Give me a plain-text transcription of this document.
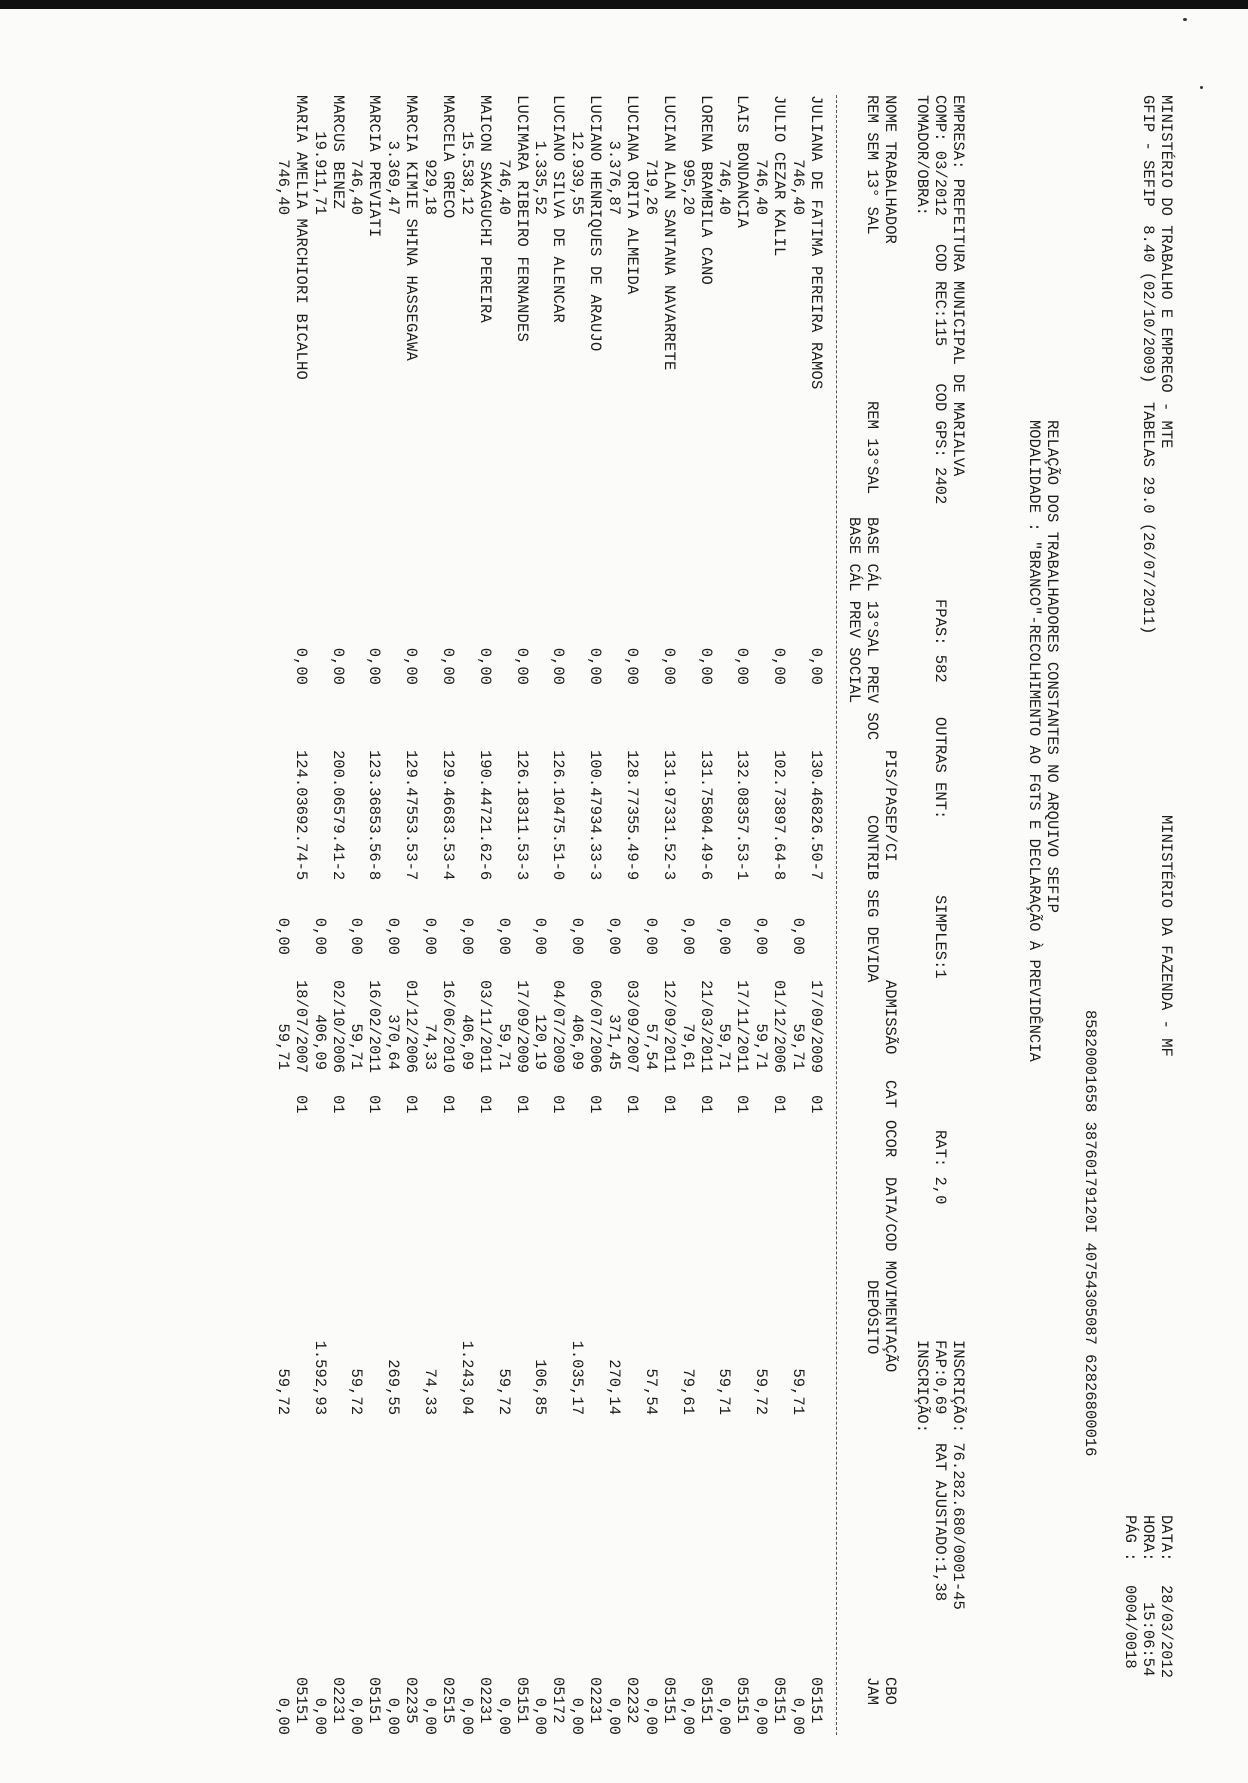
MINISTÉRIO DO TRABALHO E EMPREGO - MTE
MINISTÉRIO DA FAZENDA - MF
DATA:
28/03/2012
GFIP - SEFIP  8.40 (02/10/2009)  TABELAS 29.0 (26/07/2011)
HORA:
15:06:54
PÁG :
0004/0018
85820001658 38760179120I 40754305087 62826800016
RELAÇÃO DOS TRABALHADORES CONSTANTES NO ARQUIVO SEFIP
MODALIDADE : "BRANCO"-RECOLHIMENTO AO FGTS E DECLARAÇÃO À PREVIDÊNCIA
EMPRESA: PREFEITURA MUNICIPAL DE MARIALVA
INSCRIÇÃO: 76.282.680/0001-45
COMP: 03/2012   COD REC:115    COD GPS: 2402
FPAS: 582
OUTRAS ENT:
SIMPLES:1
RAT: 2,0
FAP:0,69
RAT AJUSTADO:1,38
TOMADOR/OBRA:
INSCRIÇÃO:
NOME TRABALHADOR
PIS/PASEP/CI
ADMISSÃO
CAT
OCOR
DATA/COD MOVIMENTAÇÃO
CBO
REM SEM 13° SAL
REM 13°SAL
BASE CÁL 13°SAL PREV SOC
CONTRIB SEG DEVIDA
DEPÓSITO
JAM
BASE CÁL PREV SOCIAL
JULIANA DE FATIMA PEREIRA RAMOS
0,00
130.46826.50-7
17/09/2009
01
05151
746,40
0,00
59,71
59,71
0,00
JULIO CEZAR KALIL
0,00
102.73897.64-8
01/12/2006
01
05151
746,40
0,00
59,71
59,72
0,00
LAIS BONDANCIA
0,00
132.08357.53-1
17/11/2011
01
05151
746,40
0,00
59,71
59,71
0,00
LORENA BRAMBILA CANO
0,00
131.75804.49-6
21/03/2011
01
05151
995,20
0,00
79,61
79,61
0,00
LUCIAN ALAN SANTANA NAVARRETE
0,00
131.97331.52-3
12/09/2011
01
05151
719,26
0,00
57,54
57,54
0,00
LUCIANA ORITA ALMEIDA
0,00
128.77355.49-9
03/09/2007
01
02232
3.376,87
0,00
371,45
270,14
0,00
LUCIANO HENRIQUES DE ARAUJO
0,00
100.47934.33-3
06/07/2006
01
02231
12.939,55
0,00
406,09
1.035,17
0,00
LUCIANO SILVA DE ALENCAR
0,00
126.10475.51-0
04/07/2009
01
05172
1.335,52
0,00
120,19
106,85
0,00
LUCIMARA RIBEIRO FERNANDES
0,00
126.18311.53-3
17/09/2009
01
05151
746,40
0,00
59,71
59,72
0,00
MAICON SAKAGUCHI PEREIRA
0,00
190.44721.62-6
03/11/2011
01
02231
15.538,12
0,00
406,09
1.243,04
0,00
MARCELA GRECO
0,00
129.46683.53-4
16/06/2010
01
02515
929,18
0,00
74,33
74,33
0,00
MARCIA KIMIE SHINA HASSEGAWA
0,00
129.47553.53-7
01/12/2006
01
02235
3.369,47
0,00
370,64
269,55
0,00
MARCIA PREVIATI
0,00
123.36853.56-8
16/02/2011
01
05151
746,40
0,00
59,71
59,72
0,00
MARCUS BENEZ
0,00
200.06579.41-2
02/10/2006
01
02231
19.911,71
0,00
406,09
1.592,93
0,00
MARIA AMELIA MARCHIORI BICALHO
0,00
124.03692.74-5
18/07/2007
01
05151
746,40
0,00
59,71
59,72
0,00
